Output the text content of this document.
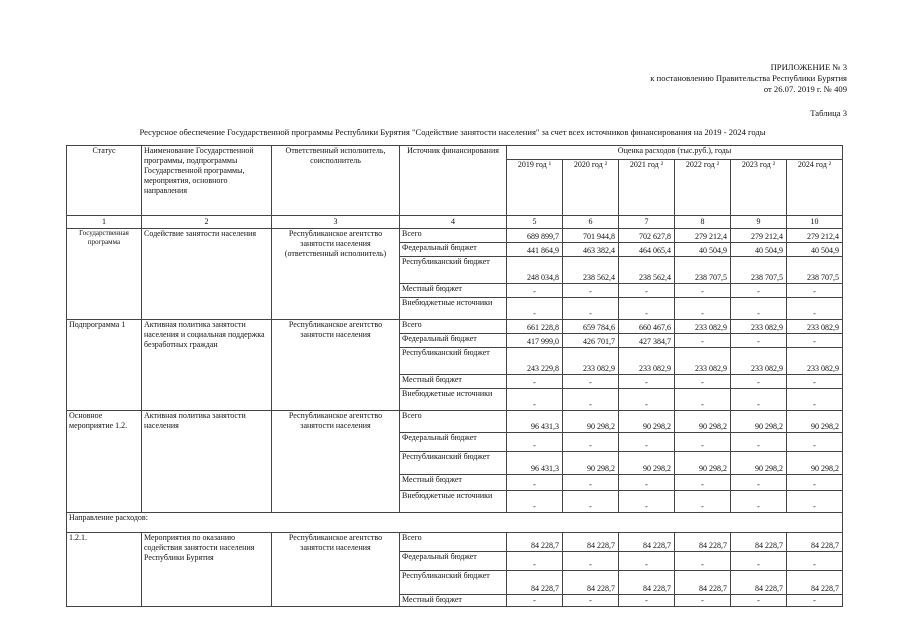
ПРИЛОЖЕНИЕ № 3
к постановлению Правительства Республики Бурятия
от 26.07. 2019 г. № 409
Таблица 3
Ресурсное обеспечение Государственной программы Республики Бурятия "Содействие занятости населения" за счет всех источников финансирования на 2019 - 2024 годы
Статус	Наименование Государственной программы, подпрограммы Государственной программы, мероприятия, основного направления	Ответственный исполнитель, соисполнитель	Источник финансирования	Оценка расходов (тыс.руб.), годы					
				2019 год ¹	2020 год ²	2021 год ²	2022 год ²	2023 год ²	2024 год ²
1	2	3	4	5	6	7	8	9	10
Государственная программа	Содействие занятости населения	Республиканское агентство занятости населения (ответственный исполнитель)	Всего	689 899,7	701 944,8	702 627,8	279 212,4	279 212,4	279 212,4
			Федеральный бюджет	441 864,9	463 382,4	464 065,4	40 504,9	40 504,9	40 504,9
			Республиканский бюджет	248 034,8	238 562,4	238 562,4	238 707,5	238 707,5	238 707,5
			Местный бюджет	-	-	-	-	-	-
			Внебюджетные источники	-	-	-	-	-	-
Подпрограмма 1	Активная политика занятости населения и социальная поддержка безработных граждан	Республиканское агентство занятости населения	Всего	661 228,8	659 784,6	660 467,6	233 082,9	233 082,9	233 082,9
			Федеральный бюджет	417 999,0	426 701,7	427 384,7	-	-	-
			Республиканский бюджет	243 229,8	233 082,9	233 082,9	233 082,9	233 082,9	233 082,9
			Местный бюджет	-	-	-	-	-	-
			Внебюджетные источники	-	-	-	-	-	-
Основное мероприятие 1.2.	Активная политика занятости населения	Республиканское агентство занятости населения	Всего	96 431,3	90 298,2	90 298,2	90 298,2	90 298,2	90 298,2
			Федеральный бюджет	-	-	-	-	-	-
			Республиканский бюджет	96 431,3	90 298,2	90 298,2	90 298,2	90 298,2	90 298,2
			Местный бюджет	-	-	-	-	-	-
			Внебюджетные источники	-	-	-	-	-	-
Направление расходов:									
1.2.1.	Мероприятия по оказанию содействия занятости населения Республики Бурятия	Республиканское агентство занятости населения	Всего	84 228,7	84 228,7	84 228,7	84 228,7	84 228,7	84 228,7
			Федеральный бюджет	-	-	-	-	-	-
			Республиканский бюджет	84 228,7	84 228,7	84 228,7	84 228,7	84 228,7	84 228,7
			Местный бюджет	-	-	-	-	-	-
